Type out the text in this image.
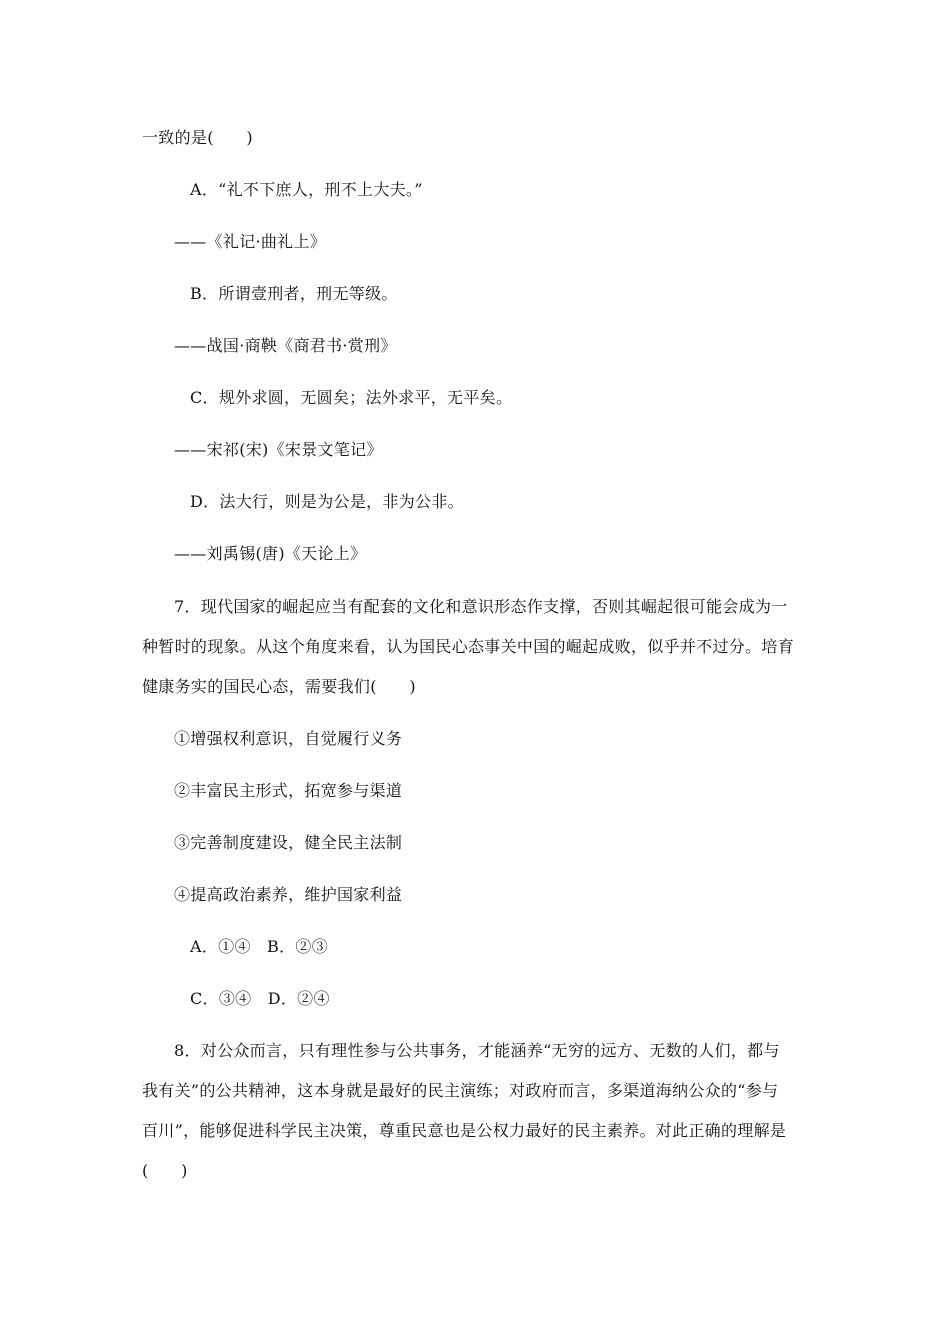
一致的是(　　)
A．“礼不下庶人，刑不上大夫。”
——《礼记·曲礼上》
B．所谓壹刑者，刑无等级。
——战国·商鞅《商君书·赏刑》
C．规外求圆，无圆矣；法外求平，无平矣。
——宋祁(宋)《宋景文笔记》
D．法大行，则是为公是，非为公非。
——刘禹锡(唐)《天论上》
7．现代国家的崛起应当有配套的文化和意识形态作支撑，否则其崛起很可能会成为一
种暂时的现象。从这个角度来看，认为国民心态事关中国的崛起成败，似乎并不过分。培育
健康务实的国民心态，需要我们(　　)
①增强权利意识，自觉履行义务
②丰富民主形式，拓宽参与渠道
③完善制度建设，健全民主法制
④提高政治素养，维护国家利益
A．①④　B．②③
C．③④　D．②④
8．对公众而言，只有理性参与公共事务，才能涵养“无穷的远方、无数的人们，都与
我有关”的公共精神，这本身就是最好的民主演练；对政府而言，多渠道海纳公众的“参与
百川”，能够促进科学民主决策，尊重民意也是公权力最好的民主素养。对此正确的理解是
(　　)
